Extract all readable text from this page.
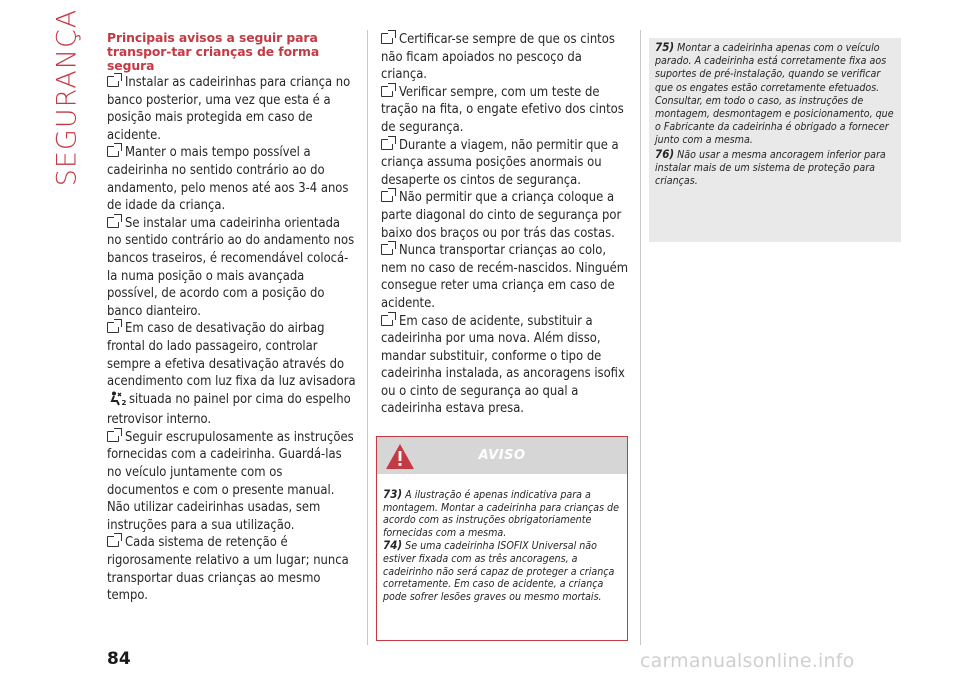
SEGURANÇA Principais avisos a seguir para transpor-tar crianças de forma segura
Instalar as cadeirinhas para criança no banco posterior, uma vez que esta é a posição mais protegida em caso de acidente.
Manter o mais tempo possível a cadeirinha no sentido contrário ao do andamento, pelo menos até aos 3-4 anos de idade da criança.
Se instalar uma cadeirinha orientada no sentido contrário ao do andamento nos bancos traseiros, é recomendável colocá-la numa posição o mais avançada possível, de acordo com a posição do banco dianteiro.
Em caso de desativação do airbag frontal do lado passageiro, controlar sempre a efetiva desativação através do acendimento com luz fixa da luz avisadora
2 situada no painel por cima do espelho retrovisor interno.
Seguir escrupulosamente as instruções fornecidas com a cadeirinha. Guardá-las no veículo juntamente com os documentos e com o presente manual. Não utilizar cadeirinhas usadas, sem instruções para a sua utilização.
Cada sistema de retenção é rigorosamente relativo a um lugar; nunca transportar duas crianças ao mesmo tempo.
Certificar-se sempre de que os cintos não ficam apoiados no pescoço da criança.
Verificar sempre, com um teste de tração na fita, o engate efetivo dos cintos de segurança.
Durante a viagem, não permitir que a criança assuma posições anormais ou desaperte os cintos de segurança.
Não permitir que a criança coloque a parte diagonal do cinto de segurança por baixo dos braços ou por trás das costas.
Nunca transportar crianças ao colo, nem no caso de recém-nascidos. Ninguém consegue reter uma criança em caso de acidente.
Em caso de acidente, substituir a cadeirinha por uma nova. Além disso, mandar substituir, conforme o tipo de cadeirinha instalada, as ancoragens isofix ou o cinto de segurança ao qual a cadeirinha estava presa.
AVISO

73) A ilustração é apenas indicativa para a montagem. Montar a cadeirinha para crianças de acordo com as instruções obrigatoriamente fornecidas com a mesma.

74) Se uma cadeirinha ISOFIX Universal não estiver fixada com as três ancoragens, a cadeirinho não será capaz de proteger a criança corretamente. Em caso de acidente, a criança pode sofrer lesões graves ou mesmo mortais.

75) Montar a cadeirinha apenas com o veículo parado. A cadeirinha está corretamente fixa aos suportes de pré-instalação, quando se verificar que os engates estão corretamente efetuados. Consultar, em todo o caso, as instruções de montagem, desmontagem e posicionamento, que o Fabricante da cadeirinha é obrigado a fornecer junto com a mesma.

76) Não usar a mesma ancoragem inferior para instalar mais de um sistema de proteção para crianças.

84	carmanualsonline.info
